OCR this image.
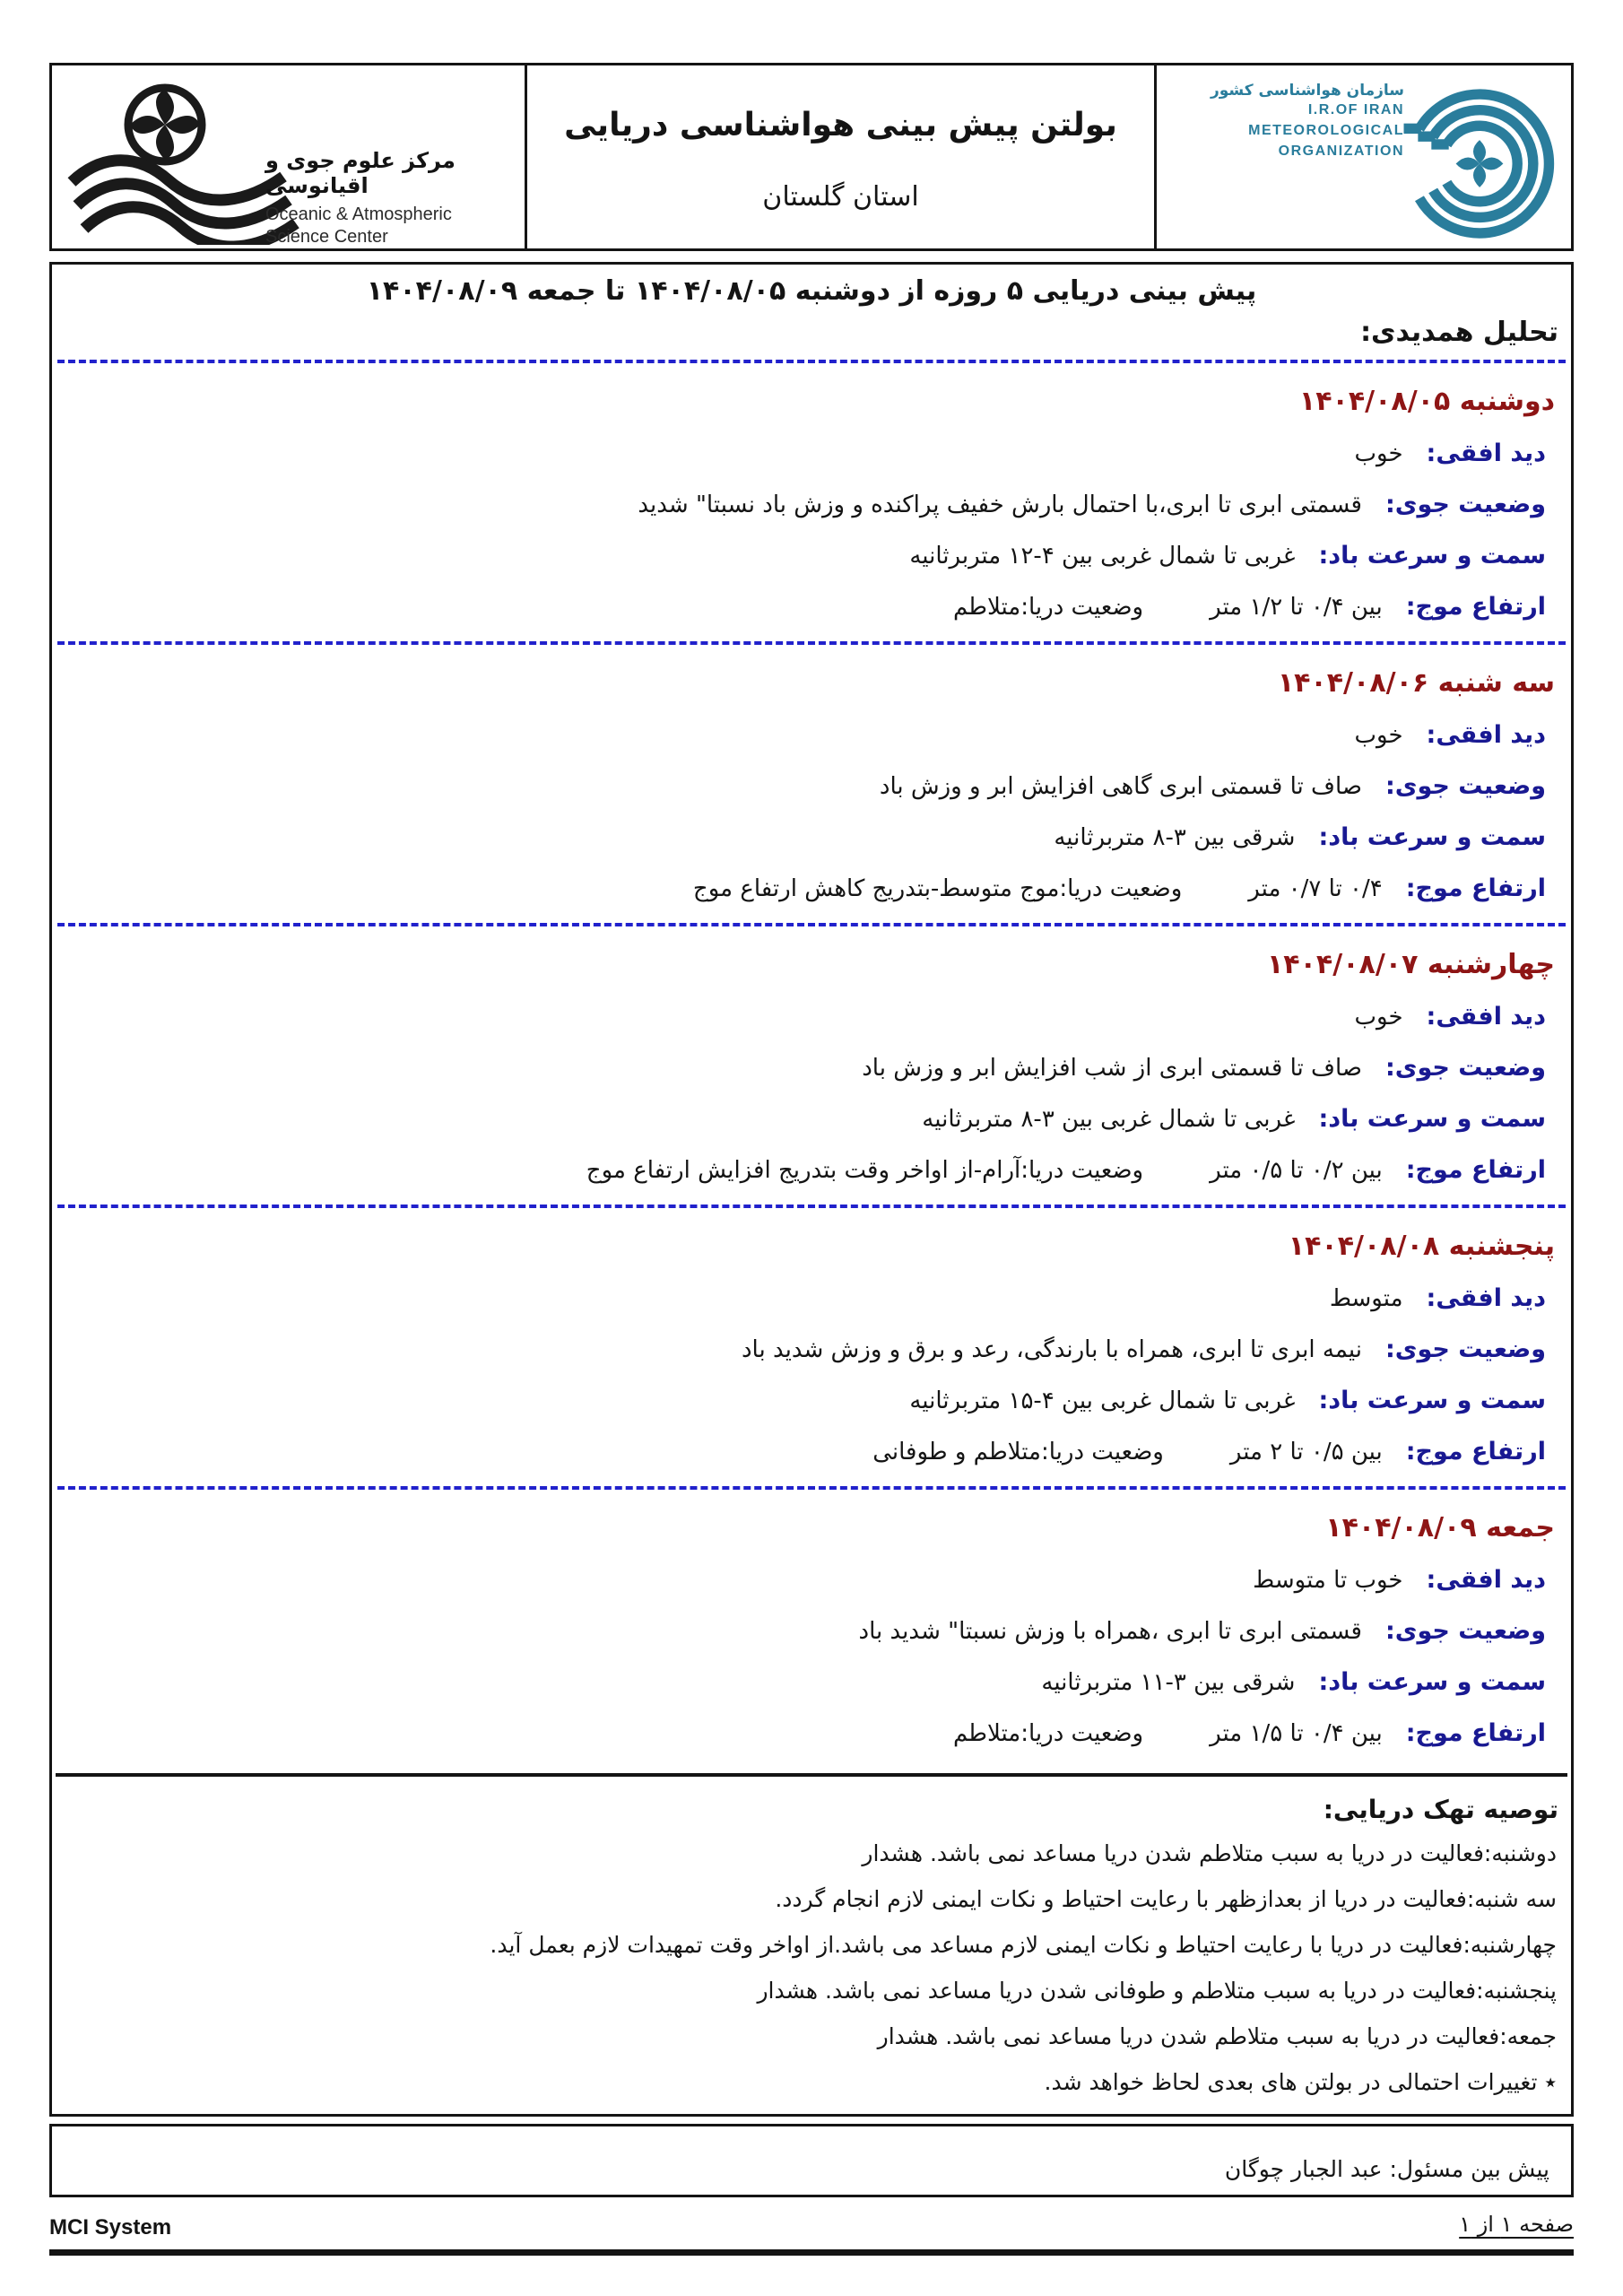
مرکز علوم جوی و اقیانوسی
Oceanic & Atmospheric
Science Center
بولتن پیش بینی هواشناسی دریایی
استان گلستان
سازمان هواشناسی کشور
I.R.OF IRAN
METEOROLOGICAL
ORGANIZATION
پیش بینی دریایی ۵ روزه از دوشنبه ۱۴۰۴/۰۸/۰۵ تا جمعه ۱۴۰۴/۰۸/۰۹
تحلیل همدیدی:
دوشنبه ۱۴۰۴/۰۸/۰۵
دید افقی:
خوب
وضعیت جوی:
قسمتی ابری تا ابری،با احتمال بارش خفیف پراکنده و وزش باد نسبتا" شدید
سمت و سرعت باد:
غربی تا شمال غربی بین ۴-۱۲ متربرثانیه
ارتفاع موج:
بین ۰/۴ تا ۱/۲ متر
وضعیت دریا:متلاطم
سه شنبه ۱۴۰۴/۰۸/۰۶
دید افقی:
خوب
وضعیت جوی:
صاف تا قسمتی ابری گاهی افزایش ابر و وزش باد
سمت و سرعت باد:
شرقی بین ۳-۸ متربرثانیه
ارتفاع موج:
۰/۴ تا ۰/۷ متر
وضعیت دریا:موج متوسط-بتدریج کاهش ارتفاع موج
چهارشنبه ۱۴۰۴/۰۸/۰۷
دید افقی:
خوب
وضعیت جوی:
صاف تا قسمتی ابری از شب افزایش ابر و وزش باد
سمت و سرعت باد:
غربی تا شمال غربی بین ۳-۸ متربرثانیه
ارتفاع موج:
بین ۰/۲ تا ۰/۵ متر
وضعیت دریا:آرام-از اواخر وقت بتدریج افزایش ارتفاع موج
پنجشنبه ۱۴۰۴/۰۸/۰۸
دید افقی:
متوسط
وضعیت جوی:
نیمه ابری تا ابری، همراه با بارندگی، رعد و برق و وزش شدید باد
سمت و سرعت باد:
غربی تا شمال غربی بین ۴-۱۵ متربرثانیه
ارتفاع موج:
بین ۰/۵ تا ۲ متر
وضعیت دریا:متلاطم و طوفانی
جمعه ۱۴۰۴/۰۸/۰۹
دید افقی:
خوب تا متوسط
وضعیت جوی:
قسمتی ابری تا ابری ،همراه با وزش نسبتا" شدید باد
سمت و سرعت باد:
شرقی بین ۳-۱۱ متربرثانیه
ارتفاع موج:
بین ۰/۴ تا ۱/۵ متر
وضعیت دریا:متلاطم
توصیه تهک دریایی:
دوشنبه:فعالیت در دریا به سبب متلاطم شدن دریا مساعد نمی باشد. هشدار
سه شنبه:فعالیت در دریا از بعدازظهر با رعایت احتیاط و نکات ایمنی لازم انجام گردد.
چهارشنبه:فعالیت در دریا با رعایت احتیاط و نکات ایمنی لازم مساعد می باشد.از اواخر وقت تمهیدات لازم بعمل آید.
پنجشنبه:فعالیت در دریا به سبب متلاطم و طوفانی شدن دریا مساعد نمی باشد. هشدار
جمعه:فعالیت در دریا به سبب متلاطم شدن دریا مساعد نمی باشد. هشدار
٭ تغییرات احتمالی در بولتن های بعدی لحاظ خواهد شد.
پیش بین مسئول: عبد الجبار چوگان
MCI System	صفحه ۱ از ۱
